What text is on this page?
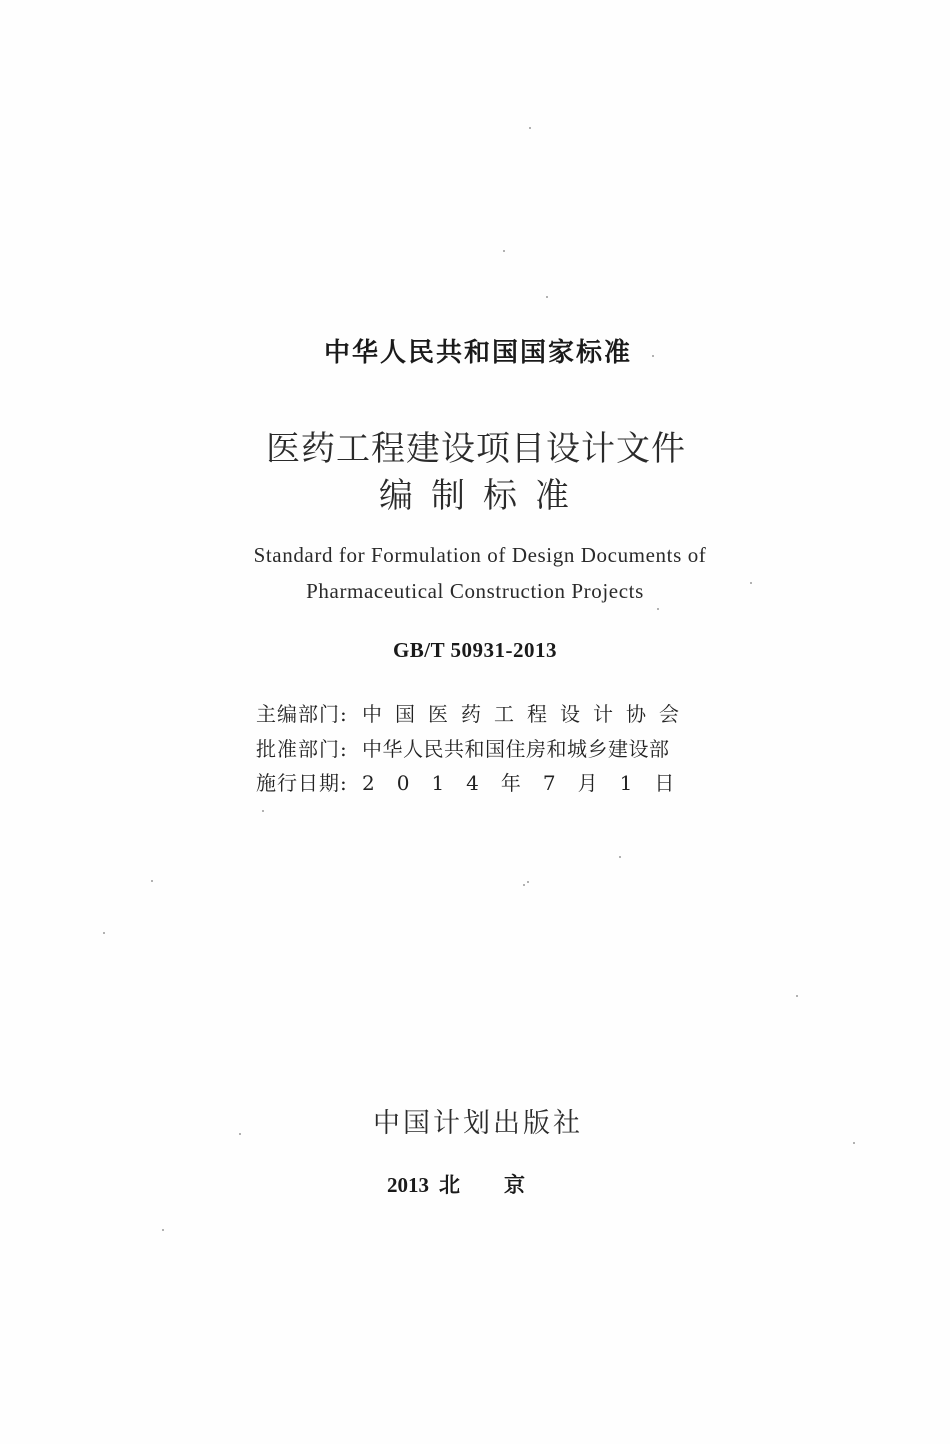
中华人民共和国国家标准
医药工程建设项目设计文件
编制标准
Standard for Formulation of Design Documents of
Pharmaceutical Construction Projects
GB/T 50931-2013
主编部门: 中国医药工程设计协会
批准部门: 中华人民共和国住房和城乡建设部
施行日期: 2014年7月1日
中国计划出版社
2013 北京
